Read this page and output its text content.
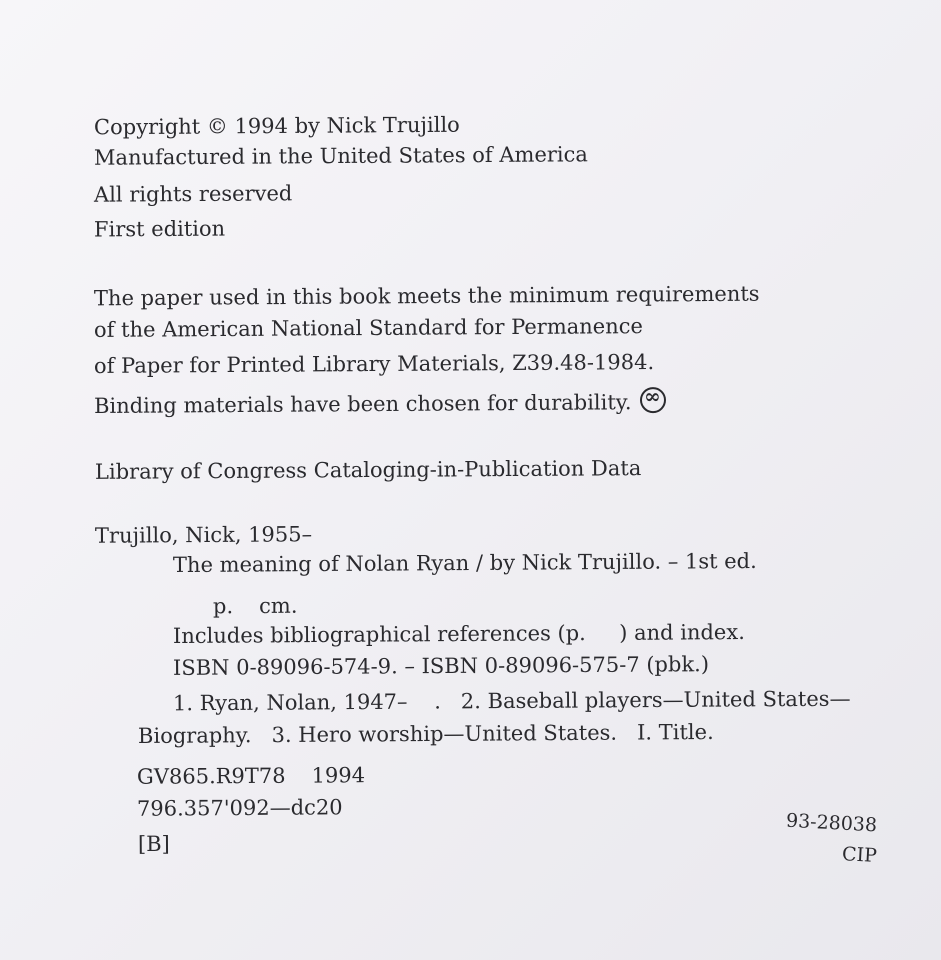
Copyright © 1994 by Nick Trujillo
Manufactured in the United States of America
All rights reserved
First edition
The paper used in this book meets the minimum requirements
of the American National Standard for Permanence
of Paper for Printed Library Materials, Z39.48-1984.
Binding materials have been chosen for durability.∞
Library of Congress Cataloging-in-Publication Data
Trujillo, Nick, 1955–
The meaning of Nolan Ryan / by Nick Trujillo. – 1st ed.
p. cm.
Includes bibliographical references (p.     ) and index.
ISBN 0-89096-574-9. – ISBN 0-89096-575-7 (pbk.)
1. Ryan, Nolan, 1947–    .   2. Baseball players—United States—
Biography.   3. Hero worship—United States.   I. Title.
GV865.R9T78 1994
796.357'092—dc20
[B]
93-28038
CIP
